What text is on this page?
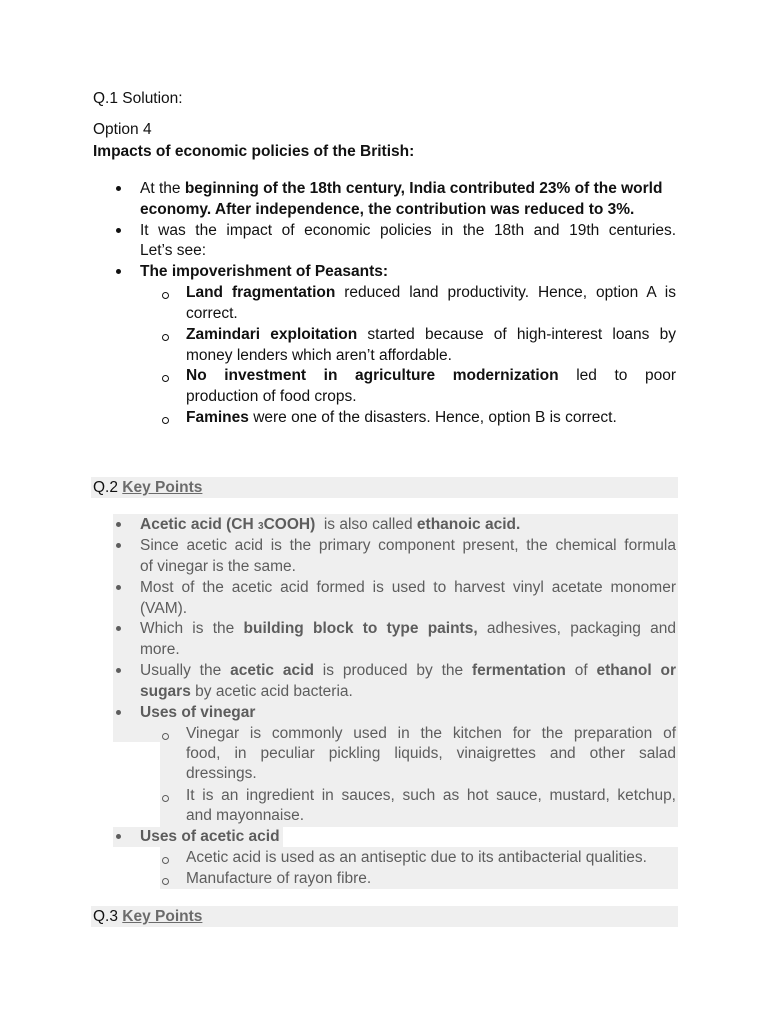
Q.1 Solution:
Option 4
Impacts of economic policies of the British:
At the beginning of the 18th century, India contributed 23% of the world
economy. After independence, the contribution was reduced to 3%.
It was the impact of economic policies in the 18th and 19th centuries.
Let’s see:
The impoverishment of Peasants:
Land fragmentation reduced land productivity. Hence, option A is
correct.
Zamindari exploitation started because of high-interest loans by
money lenders which aren’t affordable.
No investment in agriculture modernization led to poor
production of food crops.
Famines were one of the disasters. Hence, option B is correct.
Q.2 Key Points
Acetic acid (CH 3COOH)  is also called ethanoic acid.
Since acetic acid is the primary component present, the chemical formula
of vinegar is the same.
Most of the acetic acid formed is used to harvest vinyl acetate monomer
(VAM).
Which is the building block to type paints, adhesives, packaging and
more.
Usually the acetic acid is produced by the fermentation of ethanol or
sugars by acetic acid bacteria.
Uses of vinegar
Vinegar is commonly used in the kitchen for the preparation of
food, in peculiar pickling liquids, vinaigrettes and other salad
dressings.
It is an ingredient in sauces, such as hot sauce, mustard, ketchup,
and mayonnaise.
Uses of acetic acid
Acetic acid is used as an antiseptic due to its antibacterial qualities.
Manufacture of rayon fibre.
Q.3 Key Points
